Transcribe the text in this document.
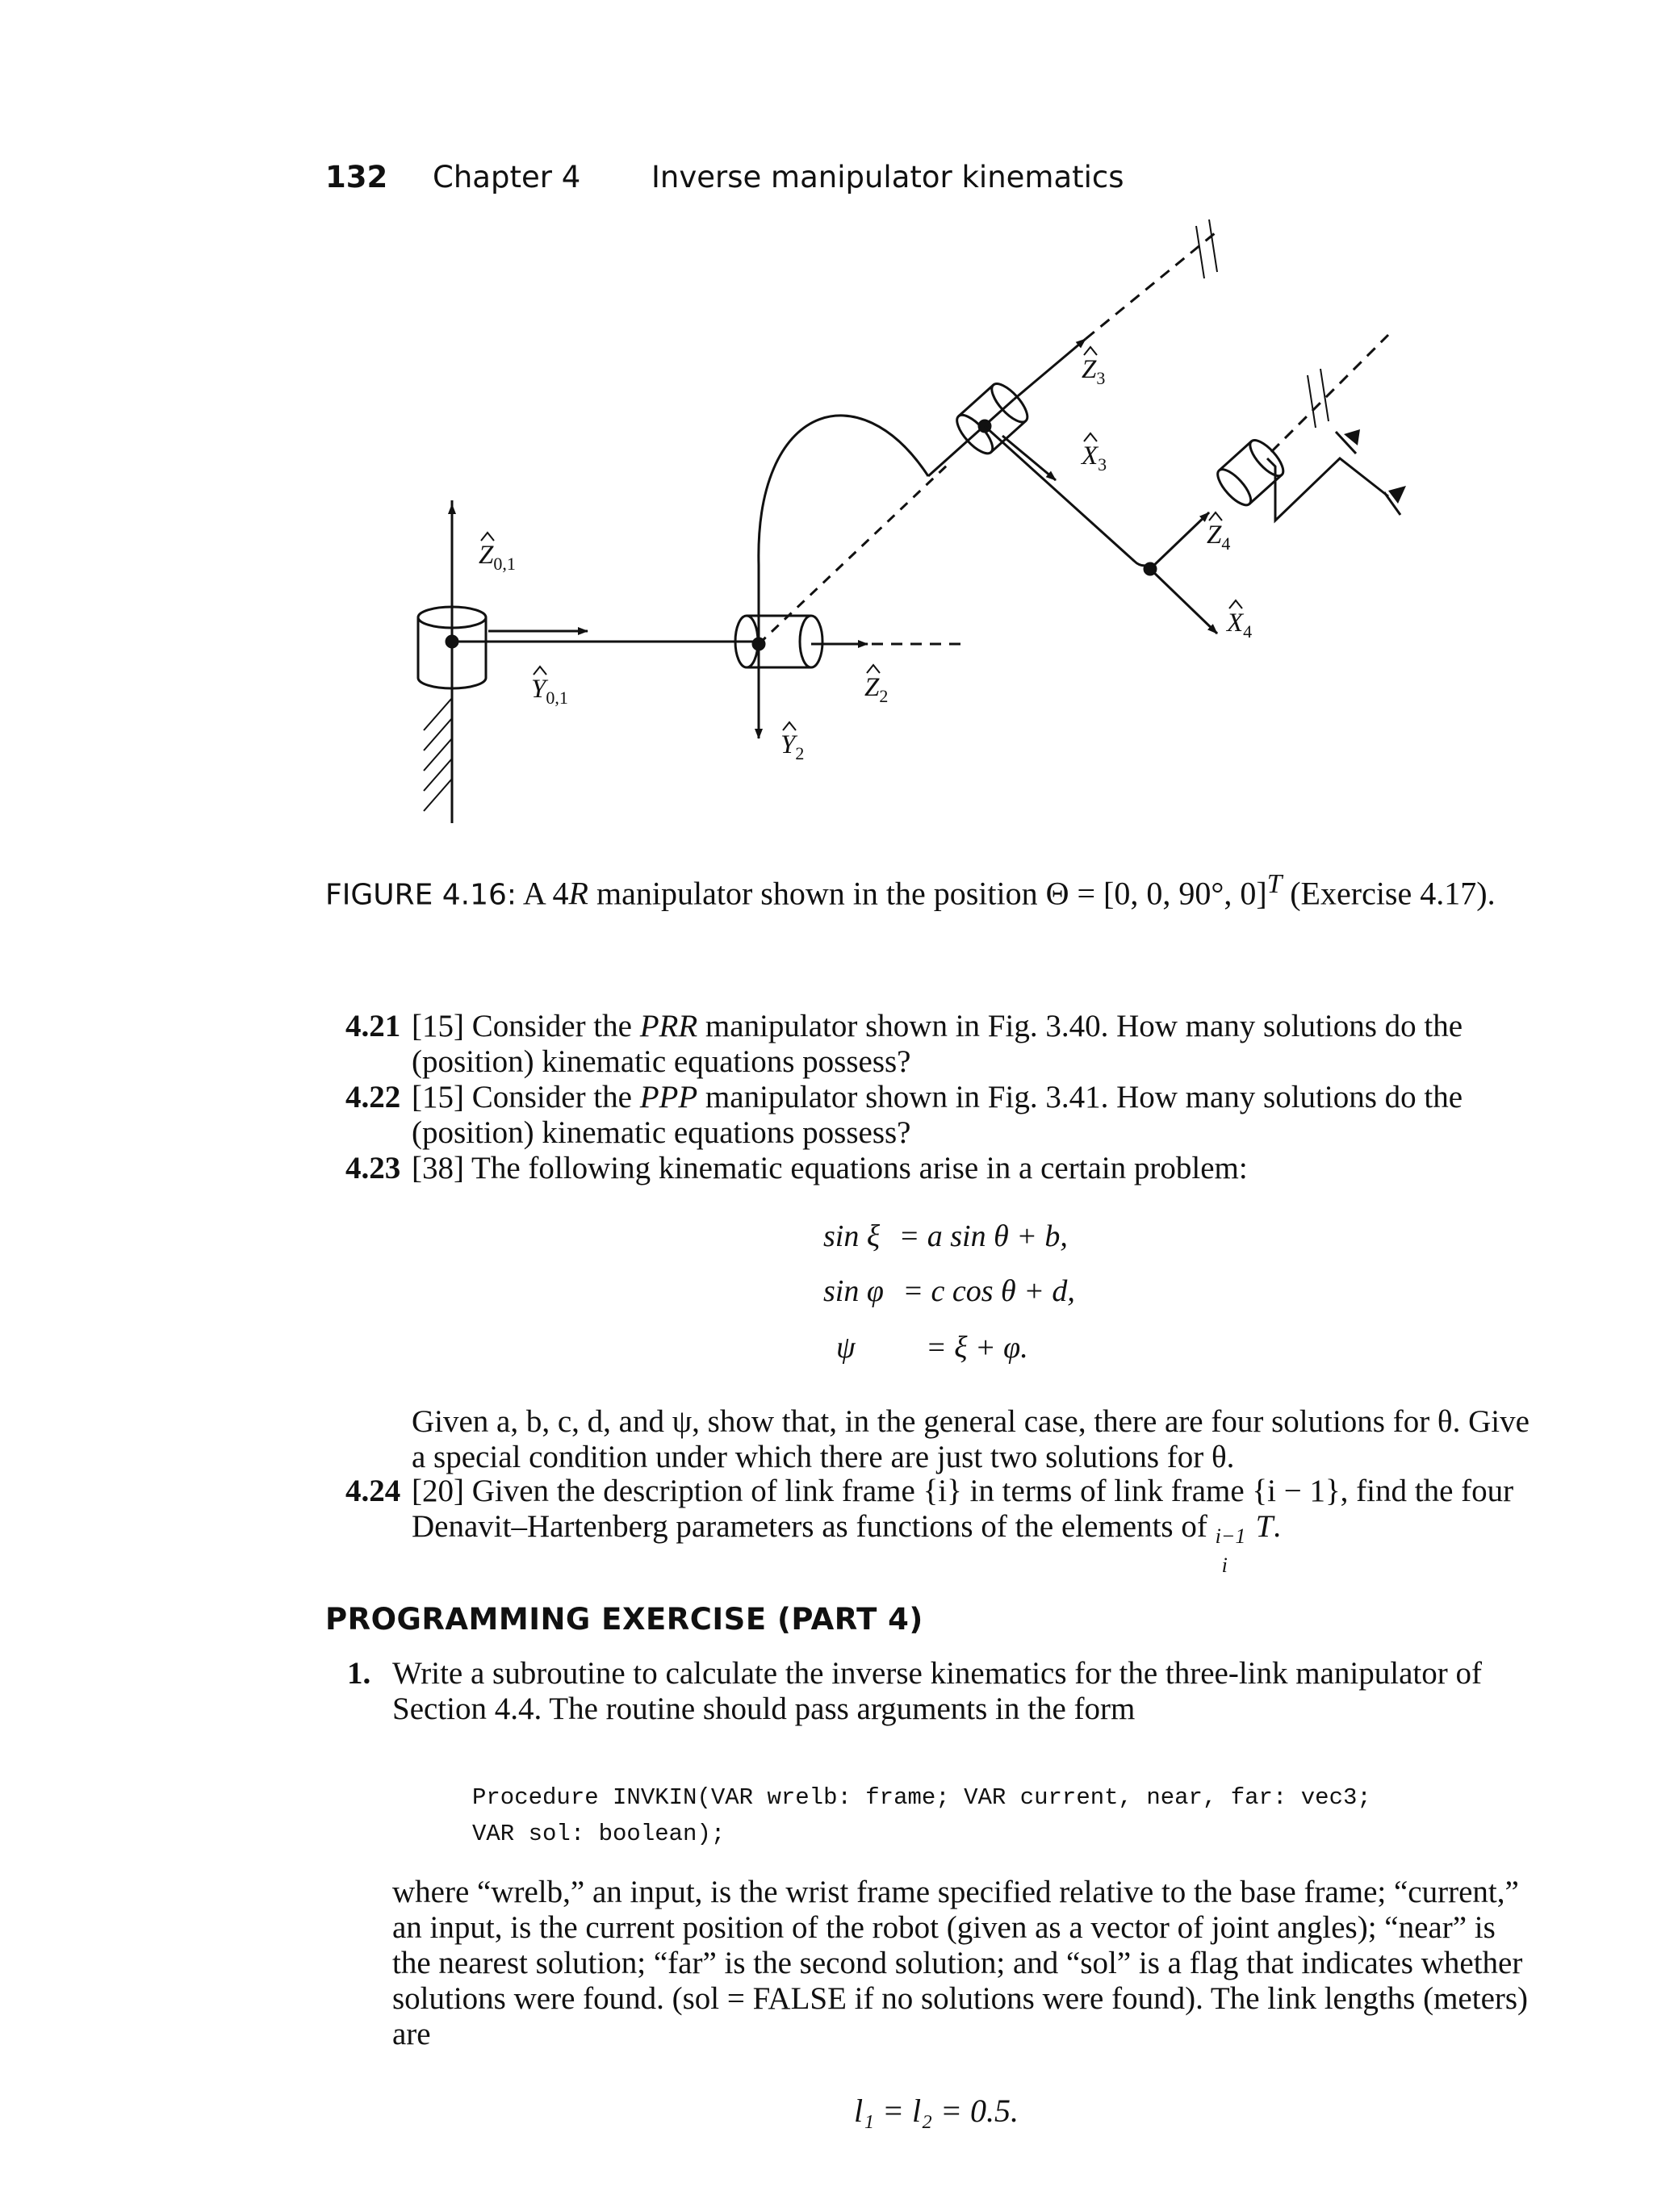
132 Chapter 4 Inverse manipulator kinematics
$Z_{0,1}$
$Y_{0,1}$
$Y_2$
$Z_2$
$Z_3$
$X_3$
$Z_4$
$X_4$
FIGURE 4.16: A 4R manipulator shown in the position Θ = [0, 0, 90°, 0]$^T$ (Exercise 4.17).
4.21 [15] Consider the PRR manipulator shown in Fig. 3.40. How many solutions do the (position) kinematic equations possess?
4.22 [15] Consider the PPP manipulator shown in Fig. 3.41. How many solutions do the (position) kinematic equations possess?
4.23 [38] The following kinematic equations arise in a certain problem:
sin ξ = a sin θ + b,
sin φ = c cos θ + d,
ψ = ξ + φ.
Given a, b, c, d, and ψ, show that, in the general case, there are four solutions for θ. Give a special condition under which there are just two solutions for θ.
4.24 [20] Given the description of link frame {i} in terms of link frame {i − 1}, find the four Denavit–Hartenberg parameters as functions of the elements of i−1
i
T.
PROGRAMMING EXERCISE (PART 4)
1. Write a subroutine to calculate the inverse kinematics for the three-link manipulator of Section 4.4. The routine should pass arguments in the form
Procedure INVKIN(VAR wrelb: frame; VAR current, near, far: vec3;
VAR sol: boolean);
where “wrelb,” an input, is the wrist frame specified relative to the base frame; “current,” an input, is the current position of the robot (given as a vector of joint angles); “near” is the nearest solution; “far” is the second solution; and “sol” is a flag that indicates whether solutions were found. (sol = FALSE if no solutions were found). The link lengths (meters) are
l₁ = l₂ = 0.5.
